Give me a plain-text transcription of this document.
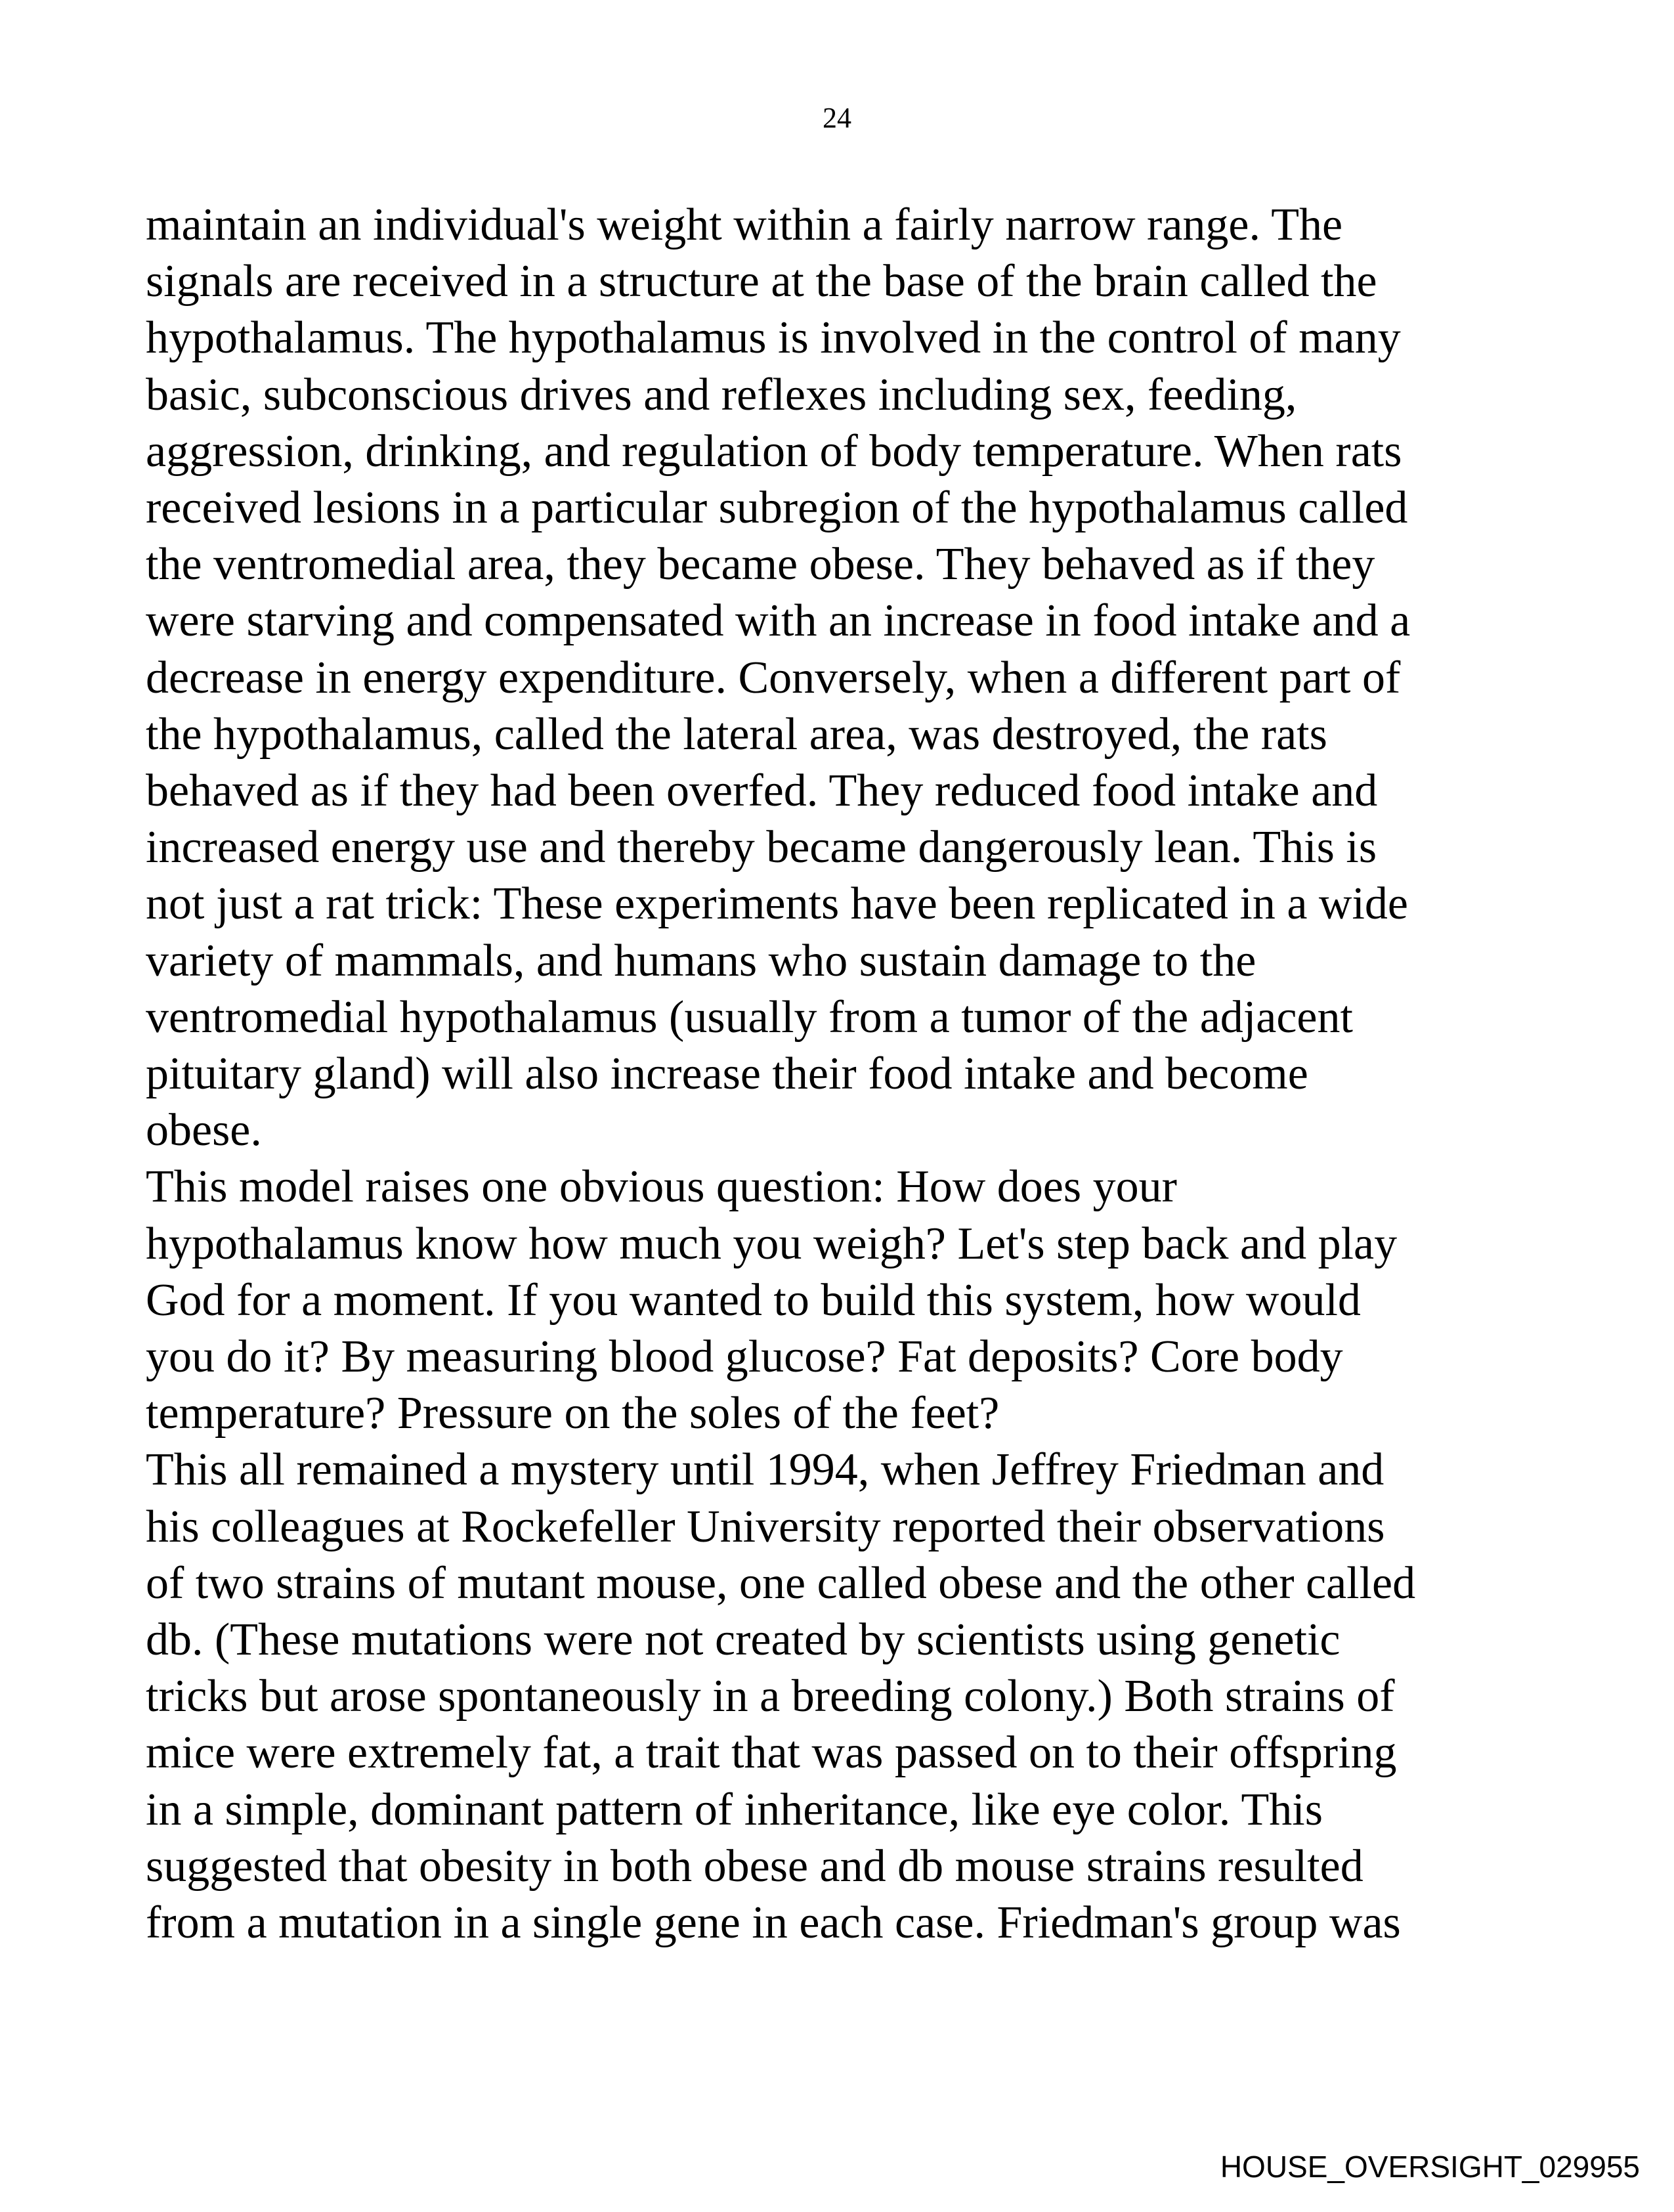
24
maintain an individual's weight within a fairly narrow range. The
signals are received in a structure at the base of the brain called the
hypothalamus. The hypothalamus is involved in the control of many
basic, subconscious drives and reflexes including sex, feeding,
aggression, drinking, and regulation of body temperature. When rats
received lesions in a particular subregion of the hypothalamus called
the ventromedial area, they became obese. They behaved as if they
were starving and compensated with an increase in food intake and a
decrease in energy expenditure. Conversely, when a different part of
the hypothalamus, called the lateral area, was destroyed, the rats
behaved as if they had been overfed. They reduced food intake and
increased energy use and thereby became dangerously lean. This is
not just a rat trick: These experiments have been replicated in a wide
variety of mammals, and humans who sustain damage to the
ventromedial hypothalamus (usually from a tumor of the adjacent
pituitary gland) will also increase their food intake and become
obese.
This model raises one obvious question: How does your
hypothalamus know how much you weigh? Let's step back and play
God for a moment. If you wanted to build this system, how would
you do it? By measuring blood glucose? Fat deposits? Core body
temperature? Pressure on the soles of the feet?
This all remained a mystery until 1994, when Jeffrey Friedman and
his colleagues at Rockefeller University reported their observations
of two strains of mutant mouse, one called obese and the other called
db. (These mutations were not created by scientists using genetic
tricks but arose spontaneously in a breeding colony.) Both strains of
mice were extremely fat, a trait that was passed on to their offspring
in a simple, dominant pattern of inheritance, like eye color. This
suggested that obesity in both obese and db mouse strains resulted
from a mutation in a single gene in each case. Friedman's group was
HOUSE_OVERSIGHT_029955
